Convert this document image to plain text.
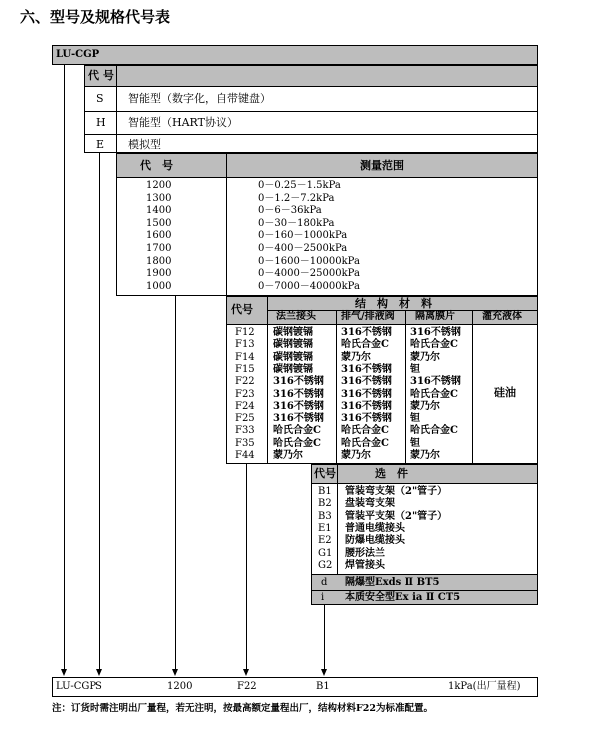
六、型号及规格代号表
LU-CGP
代 号
S 智能型（数字化，自带键盘）
H 智能型（HART协议）
E 模拟型
代　号	测量范围
1200	0－0.25－1.5kPa
1300	0－1.2－7.2kPa
1400	0－6－36kPa
1500	0－30－180kPa
1600	0－160－1000kPa
1700	0－400－2500kPa
1800	0－1600－10000kPa
1900	0－4000－25000kPa
1000	0－7000－40000kPa
代号	结　构　材　料
法兰接头	排气/排液阀 隔离膜片	灌充液体
硅油
F12 碳钢镀镉	316不锈钢 316不锈钢
F13 碳钢镀镉	哈氏合金C 哈氏合金C
F14 碳钢镀镉	蒙乃尔	蒙乃尔
F15 碳钢镀镉	316不锈钢 钽
F22 316不锈钢 316不锈钢 316不锈钢
F23 316不锈钢 316不锈钢 哈氏合金C
F24 316不锈钢 316不锈钢 蒙乃尔
F25 316不锈钢 316不锈钢 钽
F33 哈氏合金C 哈氏合金C 哈氏合金C
F35 哈氏合金C 哈氏合金C 钽
F44 蒙乃尔	蒙乃尔	蒙乃尔
代号	选　件
B1 管装弯支架（2"管子）
B2 盘装弯支架
B3 管装平支架（2"管子）
E1 普通电缆接头
E2 防爆电缆接头
G1 腰形法兰
G2 焊管接头
d 隔爆型Exds Ⅱ BT5
i 本质安全型Ex ia Ⅱ CT5
LU-CGP
S	1200	F22	B1	1kPa(出厂量程)
注：订货时需注明出厂量程，若无注明，按最高额定量程出厂，结构材料F22为标准配置。
